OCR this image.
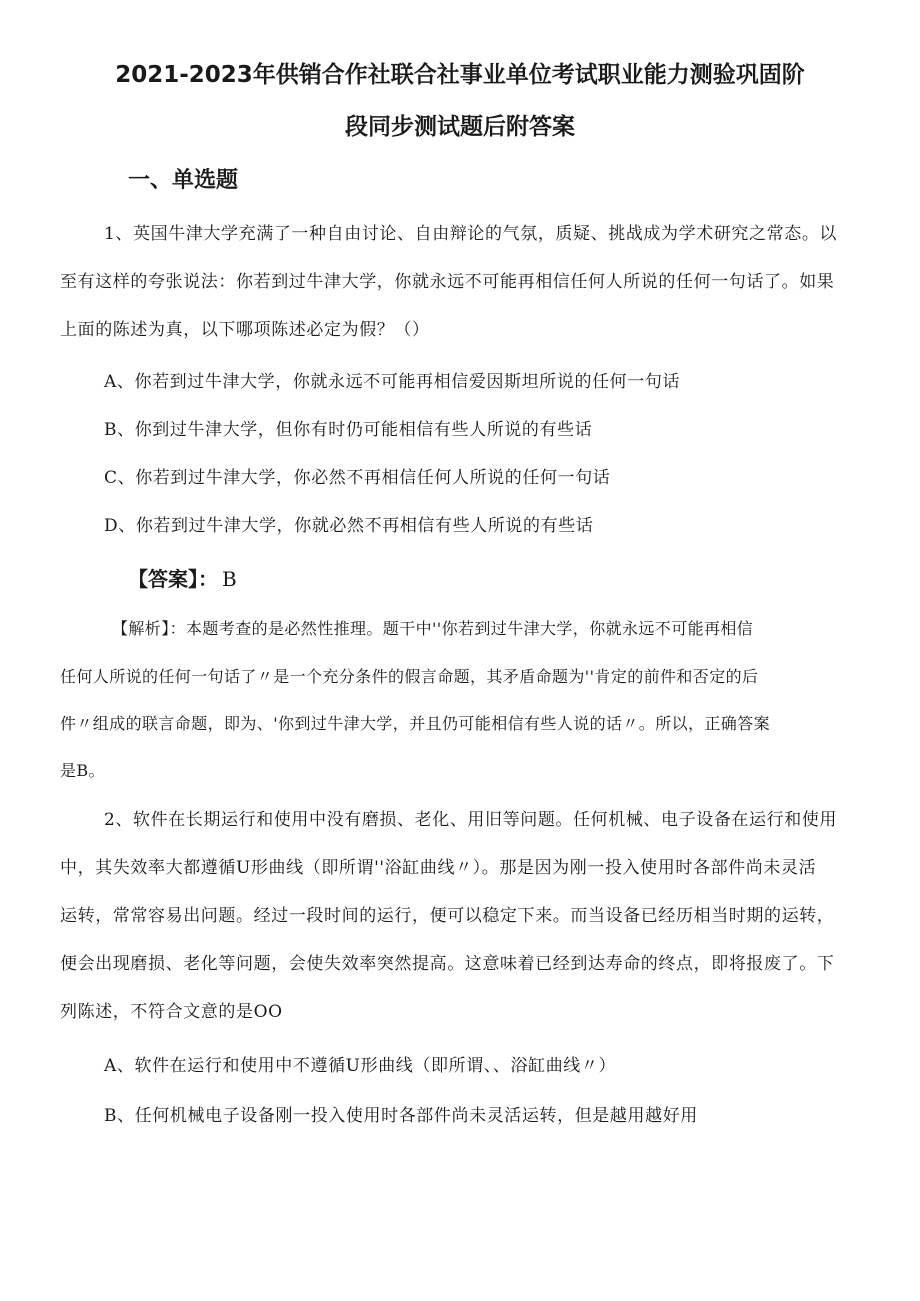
2021-2023年供销合作社联合社事业单位考试职业能力测验巩固阶
段同步测试题后附答案
一、单选题
1、英国牛津大学充满了一种自由讨论、自由辩论的气氛，质疑、挑战成为学术研究之常态。以
至有这样的夸张说法：你若到过牛津大学，你就永远不可能再相信任何人所说的任何一句话了。如果
上面的陈述为真，以下哪项陈述必定为假？（）
A、你若到过牛津大学，你就永远不可能再相信爱因斯坦所说的任何一句话
B、你到过牛津大学，但你有时仍可能相信有些人所说的有些话
C、你若到过牛津大学，你必然不再相信任何人所说的任何一句话
D、你若到过牛津大学，你就必然不再相信有些人所说的有些话
【答案】： B
【解析】：本题考查的是必然性推理。题干中''你若到过牛津大学，你就永远不可能再相信
任何人所说的任何一句话了〃是一个充分条件的假言命题，其矛盾命题为''肯定的前件和否定的后
件〃组成的联言命题，即为、'你到过牛津大学，并且仍可能相信有些人说的话〃。所以，正确答案
是B。
2、软件在长期运行和使用中没有磨损、老化、用旧等问题。任何机械、电子设备在运行和使用
中，其失效率大都遵循U形曲线（即所谓''浴缸曲线〃）。那是因为刚一投入使用时各部件尚未灵活
运转，常常容易出问题。经过一段时间的运行，便可以稳定下来。而当设备已经历相当时期的运转，
便会出现磨损、老化等问题，会使失效率突然提高。这意味着已经到达寿命的终点，即将报废了。下
列陈述，不符合文意的是OO
A、软件在运行和使用中不遵循U形曲线（即所谓、、浴缸曲线〃）
B、任何机械电子设备刚一投入使用时各部件尚未灵活运转，但是越用越好用
